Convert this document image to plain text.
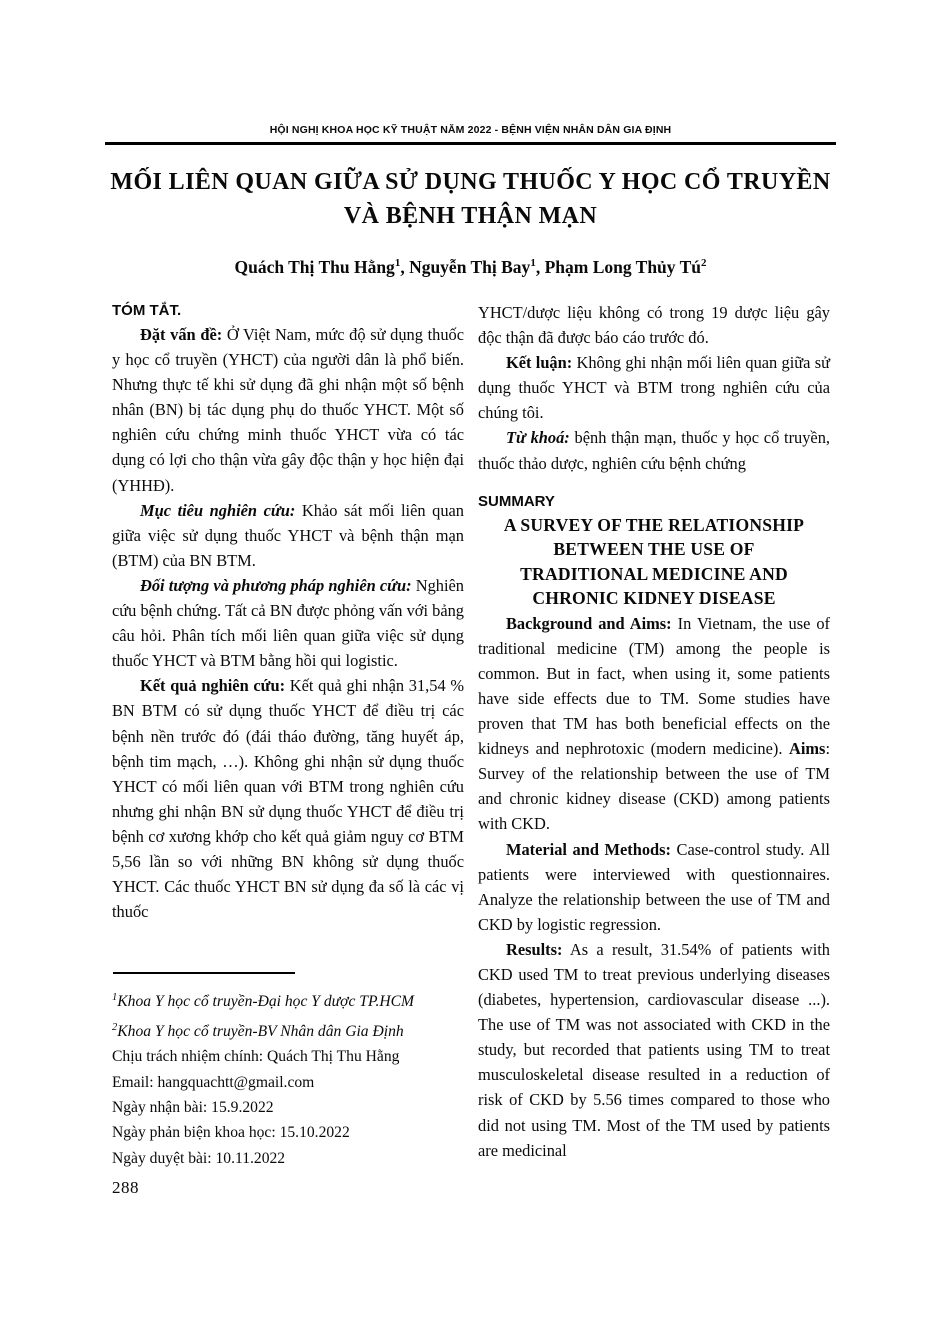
HỘI NGHỊ KHOA HỌC KỸ THUẬT NĂM 2022 - BỆNH VIỆN NHÂN DÂN GIA ĐỊNH
MỐI LIÊN QUAN GIỮA SỬ DỤNG THUỐC Y HỌC CỔ TRUYỀN
VÀ BỆNH THẬN MẠN
Quách Thị Thu Hằng$^1$, Nguyễn Thị Bay$^1$, Phạm Long Thủy $Tú^2$

TÓM TẮT.

Đặt vấn đề: Ở Việt Nam, mức độ sử dụng thuốc y học cổ truyền (YHCT) của người dân là phổ biến. Nhưng thực tế khi sử dụng đã ghi nhận một số bệnh nhân (BN) bị tác dụng phụ do thuốc YHCT. Một số nghiên cứu chứng minh thuốc YHCT vừa có tác dụng có lợi cho thận vừa gây độc thận y học hiện đại (YHHĐ).

Mục tiêu nghiên cứu: Khảo sát mối liên quan giữa việc sử dụng thuốc YHCT và bệnh thận mạn (BTM) của BN BTM.

Đối tượng và phương pháp nghiên cứu: Nghiên cứu bệnh chứng. Tất cả BN được phỏng vấn với bảng câu hỏi. Phân tích mối liên quan giữa việc sử dụng thuốc YHCT và BTM bằng hồi qui logistic.

Kết quả nghiên cứu: Kết quả ghi nhận 31,54 % BN BTM có sử dụng thuốc YHCT để điều trị các bệnh nền trước đó (đái tháo đường, tăng huyết áp, bệnh tim mạch, …). Không ghi nhận sử dụng thuốc YHCT có mối liên quan với BTM trong nghiên cứu nhưng ghi nhận BN sử dụng thuốc YHCT để điều trị bệnh cơ xương khớp cho kết quả giảm nguy cơ BTM 5,56 lần so với những BN không sử dụng thuốc YHCT. Các thuốc YHCT BN sử dụng đa số là các vị thuốc

YHCT/dược liệu không có trong 19 dược liệu gây độc thận đã được báo cáo trước đó.

Kết luận: Không ghi nhận mối liên quan giữa sử dụng thuốc YHCT và BTM trong nghiên cứu của chúng tôi.

Từ khoá: bệnh thận mạn, thuốc y học cổ truyền, thuốc thảo dược, nghiên cứu bệnh chứng

SUMMARY

A SURVEY OF THE RELATIONSHIP

BETWEEN THE USE OF

TRADITIONAL MEDICINE AND

CHRONIC KIDNEY DISEASE

Background and Aims: In Vietnam, the use of traditional medicine (TM) among the people is common. But in fact, when using it, some patients have side effects due to TM. Some studies have proven that TM has both beneficial effects on the kidneys and nephrotoxic (modern medicine). Aims: Survey of the relationship between the use of TM and chronic kidney disease (CKD) among patients with CKD.

Material and Methods: Case-control study. All patients were interviewed with questionnaires. Analyze the relationship between the use of TM and CKD by logistic regression.

Results: As a result, 31.54% of patients with CKD used TM to treat previous underlying diseases (diabetes, hypertension, cardiovascular disease ...). The use of TM was not associated with CKD in the study, but recorded that patients using TM to treat musculoskeletal disease resulted in a reduction of risk of CKD by 5.56 times compared to those who did not using TM. Most of the TM used by patients are medicinal

$^1$Khoa Y học cổ truyền-Đại học Y dược TP.HCM

$^2$Khoa Y học cổ truyền-BV Nhân dân Gia Định

Chịu trách nhiệm chính: Quách Thị Thu Hằng

Email: hangquachtt@gmail.com

Ngày nhận bài: 15.9.2022

Ngày phản biện khoa học: 15.10.2022

Ngày duyệt bài: 10.11.2022

288
